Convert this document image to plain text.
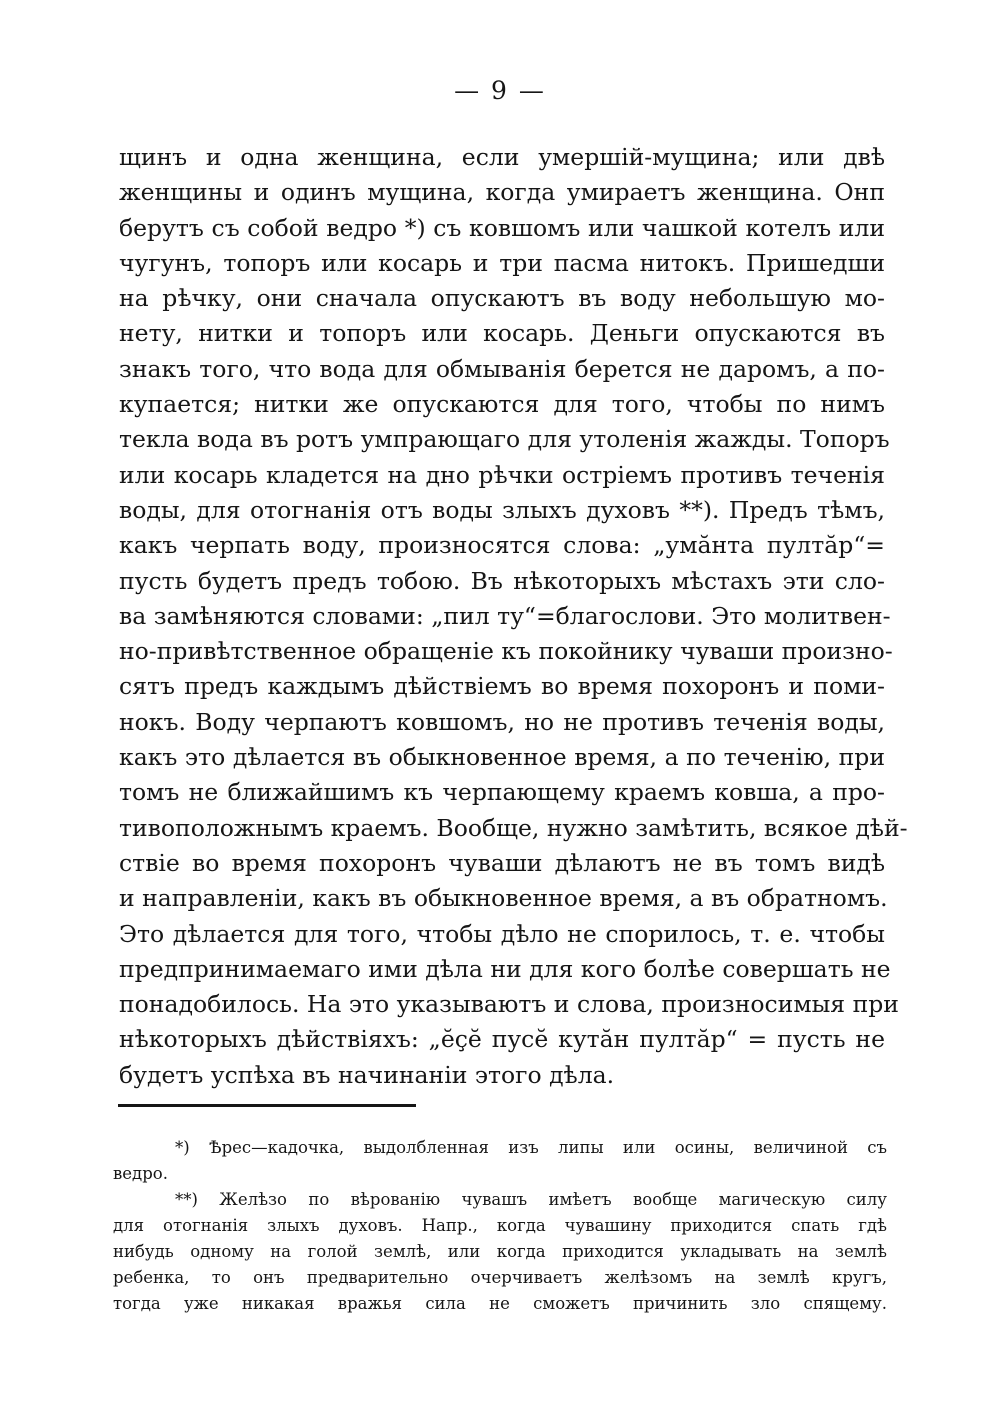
— 9 —
щинъ и одна женщина, если умершій-мущина; или двѣ
женщины и одинъ мущина, когда умираетъ женщина. Онп
берутъ съ собой ведро *) съ ковшомъ или чашкой котелъ или
чугунъ, топоръ или косарь и три пасма нитокъ. Пришедши
на рѣчку, они сначала опускаютъ въ воду небольшую мо-
нету, нитки и топоръ или косарь. Деньги опускаются въ
знакъ того, что вода для обмыванія берется не даромъ, а по-
купается; нитки же опускаются для того, чтобы по нимъ
текла вода въ ротъ умпрающаго для утоленія жажды. Топоръ
или косарь кладется на дно рѣчки остріемъ противъ теченія
воды, для отогнанія отъ воды злыхъ духовъ **). Предъ тѣмъ,
какъ черпать воду, произносятся слова: „умăнта пултăр“=
пусть будетъ предъ тобою. Въ нѣкоторыхъ мѣстахъ эти сло-
ва замѣняются словами: „пил ту“=благослови. Это молитвен-
но-привѣтственное обращеніе къ покойнику чуваши произно-
сятъ предъ каждымъ дѣйствіемъ во время похоронъ и поми-
нокъ. Воду черпаютъ ковшомъ, но не противъ теченія воды,
какъ это дѣлается въ обыкновенное время, а по теченію, при
томъ не ближайшимъ къ черпающему краемъ ковша, а про-
тивоположнымъ краемъ. Вообще, нужно замѣтить, всякое дѣй-
ствіе во время похоронъ чуваши дѣлаютъ не въ томъ видѣ
и направленіи, какъ въ обыкновенное время, а въ обратномъ.
Это дѣлается для того, чтобы дѣло не спорилось, т. е. чтобы
предпринимаемаго ими дѣла ни для кого болѣе совершать не
понадобилось. На это указываютъ и слова, произносимыя при
нѣкоторыхъ дѣйствіяхъ: „ĕçĕ пусĕ кутăн пултăр“ = пусть не
будетъ успѣха въ начинаніи этого дѣла.
*) Ѣрес—кадочка, выдолбленная изъ липы или осины, величиной съ
ведро.
**) Желѣзо по вѣрованію чувашъ имѣетъ вообще магическую силу
для отогнанія злыхъ духовъ. Напр., когда чувашину приходится спать гдѣ
нибудь одному на голой землѣ, или когда приходится укладывать на землѣ
ребенка, то онъ предварительно очерчиваетъ желѣзомъ на землѣ кругъ,
тогда уже никакая вражья сила не сможетъ причинить зло спящему.
